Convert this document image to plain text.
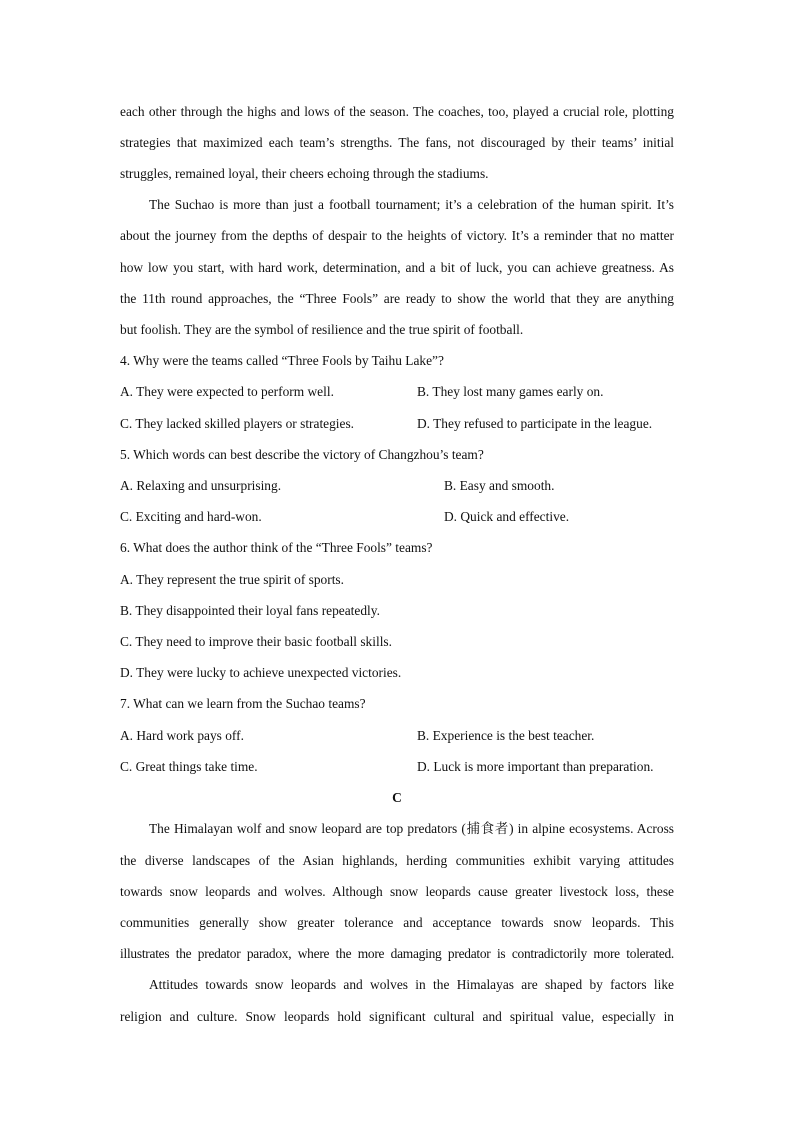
each other through the highs and lows of the season. The coaches, too, played a crucial role, plotting
strategies that maximized each team’s strengths. The fans, not discouraged by their teams’ initial
struggles, remained loyal, their cheers echoing through the stadiums.
The Suchao is more than just a football tournament; it’s a celebration of the human spirit. It’s
about the journey from the depths of despair to the heights of victory. It’s a reminder that no matter
how low you start, with hard work, determination, and a bit of luck, you can achieve greatness. As
the 11th round approaches, the “Three Fools” are ready to show the world that they are anything
but foolish. They are the symbol of resilience and the true spirit of football.
4. Why were the teams called “Three Fools by Taihu Lake”?
A. They were expected to perform well.	B. They lost many games early on.
C. They lacked skilled players or strategies.	D. They refused to participate in the league.
5. Which words can best describe the victory of Changzhou’s team?
A. Relaxing and unsurprising.	B. Easy and smooth.
C. Exciting and hard-won.	D. Quick and effective.
6. What does the author think of the “Three Fools” teams?
A. They represent the true spirit of sports.
B. They disappointed their loyal fans repeatedly.
C. They need to improve their basic football skills.
D. They were lucky to achieve unexpected victories.
7. What can we learn from the Suchao teams?
A. Hard work pays off.	B. Experience is the best teacher.
C. Great things take time.	D. Luck is more important than preparation.
C
The Himalayan wolf and snow leopard are top predators (捕食者) in alpine ecosystems. Across
the diverse landscapes of the Asian highlands, herding communities exhibit varying attitudes
towards snow leopards and wolves. Although snow leopards cause greater livestock loss, these
communities generally show greater tolerance and acceptance towards snow leopards. This
illustrates the predator paradox, where the more damaging predator is contradictorily more tolerated.
Attitudes towards snow leopards and wolves in the Himalayas are shaped by factors like
religion and culture. Snow leopards hold significant cultural and spiritual value, especially in
